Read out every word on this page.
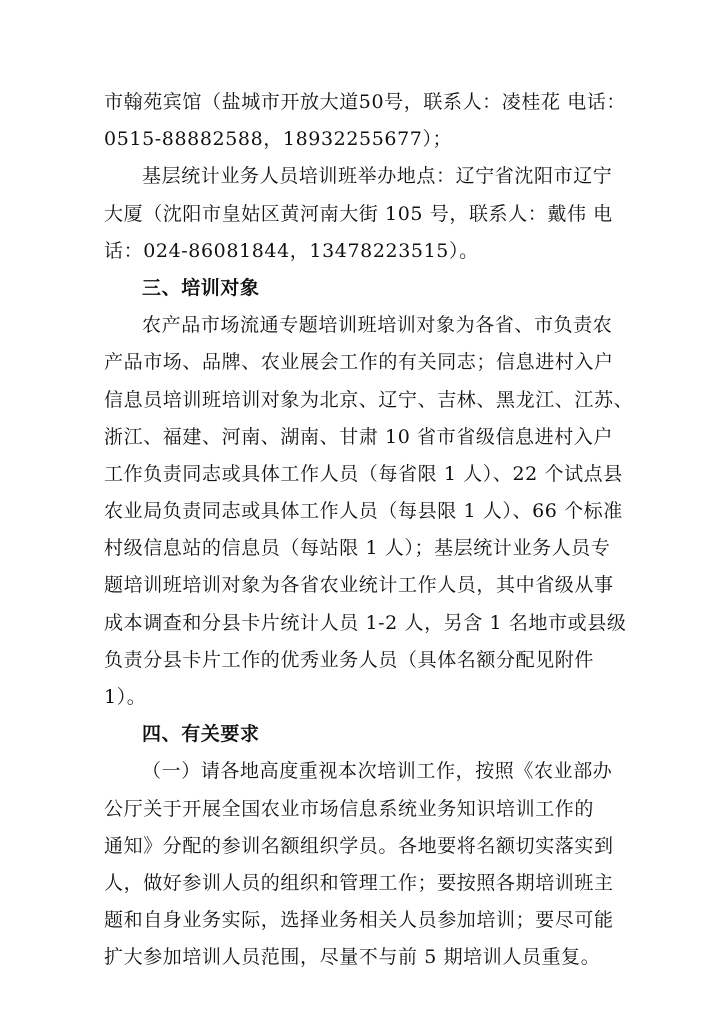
市翰苑宾馆（盐城市开放大道50号，联系人：凌桂花 电话：
0515-88882588，18932255677）；
基层统计业务人员培训班举办地点：辽宁省沈阳市辽宁
大厦（沈阳市皇姑区黄河南大街 105 号，联系人：戴伟 电
话：024-86081844，13478223515）。
三、培训对象
农产品市场流通专题培训班培训对象为各省、市负责农
产品市场、品牌、农业展会工作的有关同志；信息进村入户
信息员培训班培训对象为北京、辽宁、吉林、黑龙江、江苏、
浙江、福建、河南、湖南、甘肃 10 省市省级信息进村入户
工作负责同志或具体工作人员（每省限 1 人）、22 个试点县
农业局负责同志或具体工作人员（每县限 1 人）、66 个标准
村级信息站的信息员（每站限 1 人）；基层统计业务人员专
题培训班培训对象为各省农业统计工作人员，其中省级从事
成本调查和分县卡片统计人员 1-2 人，另含 1 名地市或县级
负责分县卡片工作的优秀业务人员（具体名额分配见附件
1）。
四、有关要求
（一）请各地高度重视本次培训工作，按照《农业部办
公厅关于开展全国农业市场信息系统业务知识培训工作的
通知》分配的参训名额组织学员。各地要将名额切实落实到
人，做好参训人员的组织和管理工作；要按照各期培训班主
题和自身业务实际，选择业务相关人员参加培训；要尽可能
扩大参加培训人员范围，尽量不与前 5 期培训人员重复。
